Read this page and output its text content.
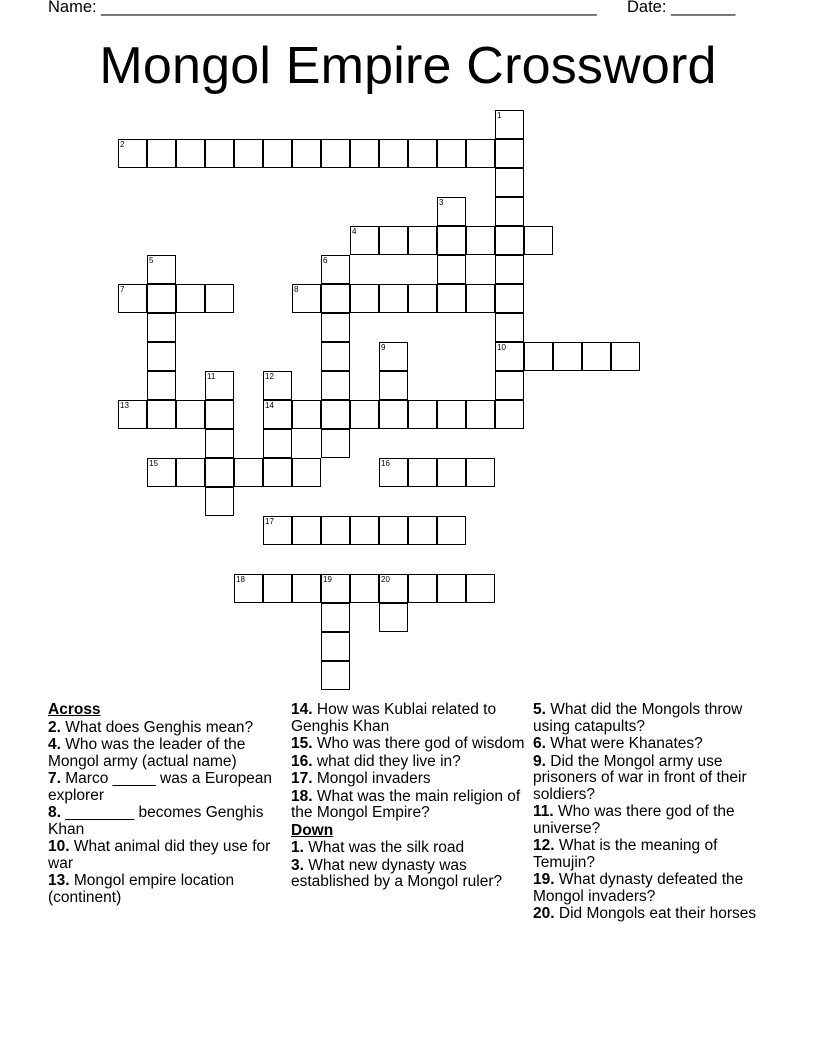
Name: ______________________________________________________ Date: _______
Mongol Empire Crossword
1
10
2
3
4
5	6
7	8
9
11	12
14
13
15	16
17
18	19	20
Across
2. What does Genghis mean?
4. Who was the leader of the Mongol army (actual name)
7. Marco _____ was a European explorer
8. ________ becomes Genghis Khan
10. What animal did they use for war
13. Mongol empire location (continent)
14. How was Kublai related to Genghis Khan
15. Who was there god of wisdom
16. what did they live in?
17. Mongol invaders
18. What was the main religion of the Mongol Empire?
Down
1. What was the silk road
3. What new dynasty was established by a Mongol ruler?
5. What did the Mongols throw using catapults?
6. What were Khanates?
9. Did the Mongol army use prisoners of war in front of their soldiers?
11. Who was there god of the universe?
12. What is the meaning of Temujin?
19. What dynasty defeated the Mongol invaders?
20. Did Mongols eat their horses
